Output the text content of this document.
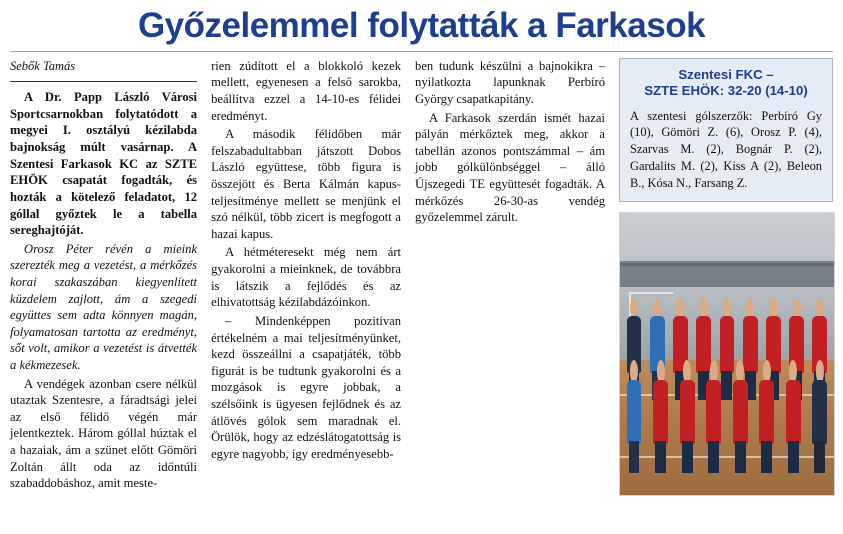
Győzelemmel folytatták a Farkasok
Sebők Tamás

A Dr. Papp László Városi Sportcsarnokban folytatódott a megyei I. osztályú kézilabda bajnokság múlt vasárnap. A Szentesi Farkasok KC az SZTE EHÖK csapatát fogadták, és hozták a kötelező feladatot, 12 góllal győztek le a tabella sereghajtóját.

Orosz Péter révén a mieink szerezték meg a vezetést, a mérkőzés korai szakaszában kiegyenlített küzdelem zajlott, ám a szegedi együttes sem adta könnyen magán, folyamatosan tartotta az eredményt, sőt volt, amikor a vezetést is átvették a kékmezesek.

A vendégek azonban csere nélkül utaztak Szentesre, a fáradtsági jelei az első félidő végén már jelentkeztek. Három góllal húztak el a hazaiak, ám a szünet előtt Gömöri Zoltán állt oda az időntúli szabaddobáshoz, amit meste-

rien zúdított el a blokkoló kezek mellett, egyenesen a felső sarokba, beállítva ezzel a 14-10-es félidei eredményt.

A második félidőben már felszabadultabban játszott Dobos László együttese, több figura is összejött és Berta Kálmán kapus-teljesítménye mellett se menjünk el szó nélkül, több zicert is megfogott a hazai kapus.

A hétméteresekt még nem árt gyakorolni a mieinknek, de továbbra is látszik a fejlődés és az elhivatottság kézilabdázóinkon.

– Mindenképpen pozitívan értékelném a mai teljesítményünket, kezd összeállni a csapatjáték, több figurát is be tudtunk gyakorolni és a mozgások is egyre jobbak, a szélsőink is ügyesen fejlődnek és az átlövés gólok sem maradnak el. Örülök, hogy az edzéslátogatottság is egyre nagyobb, így eredményesebb-

ben tudunk készülni a bajnokikra – nyilatkozta lapunknak Perbíró György csapatkapitány.

A Farkasok szerdán ismét hazai pályán mérkőztek meg, akkor a tabellán azonos pontszámmal – ám jobb gólkülönbséggel – álló Újszegedi TE együttesét fogadták. A mérkőzés 26-30-as vendég győzelemmel zárult.

Szentesi FKC –
SZTE EHÖK: 32-20 (14-10)
A szentesi gólszerzők: Perbíró Gy (10), Gömöri Z. (6), Orosz P. (4), Szarvas M. (2), Bognár P. (2), Gardalits M. (2), Kiss A (2), Beleon B., Kósa N., Farsang Z.
